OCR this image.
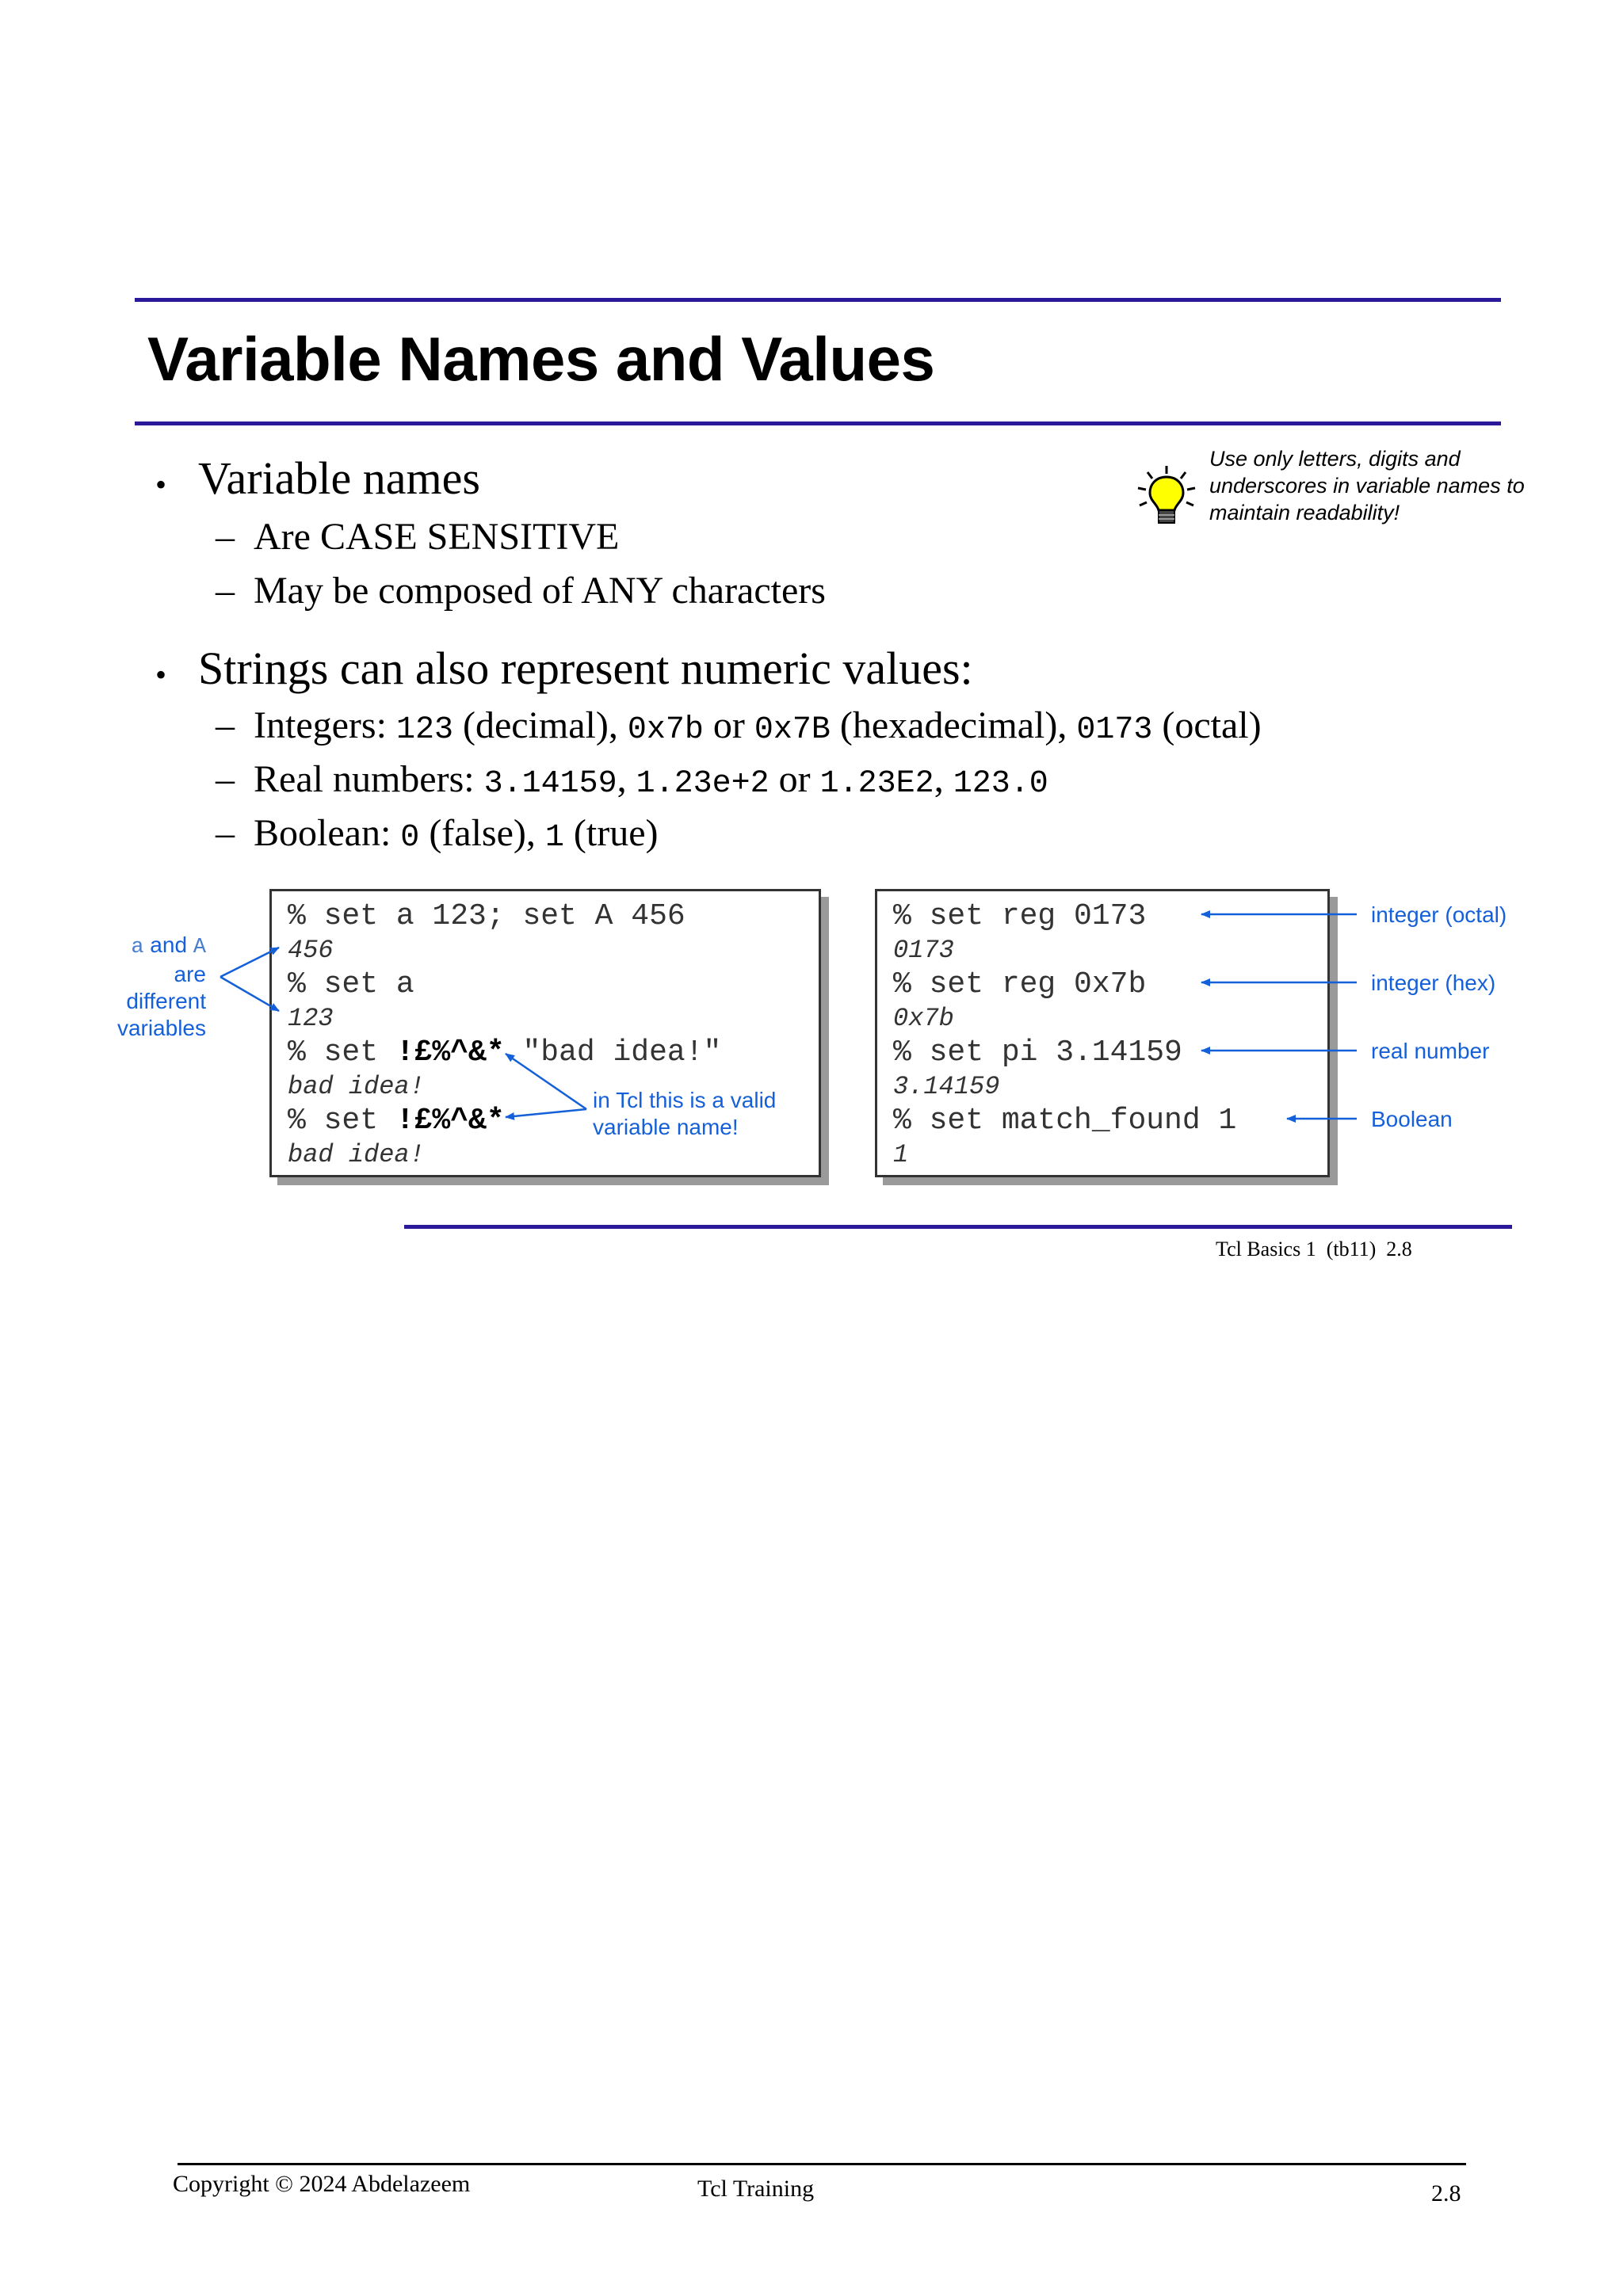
Variable Names and Values
• Variable names
–  Are CASE SENSITIVE
–  May be composed of ANY characters
Use only letters, digits and underscores in variable names to maintain readability!
• Strings can also represent numeric values:
–  Integers: 123 (decimal), 0x7b or 0x7B (hexadecimal), 0173 (octal)
–  Real numbers: 3.14159, 1.23e+2 or 1.23E2, 123.0
–  Boolean: 0 (false), 1 (true)
% set a 123; set A 456
456
% set a
123
% set !£%^&* "bad idea!"
bad idea!
% set !£%^&*
bad idea!
% set reg 0173
0173
% set reg 0x7b
0x7b
% set pi 3.14159
3.14159
% set match_found 1
1
a and A
are
different
variables
in Tcl this is a valid
variable name!
integer (octal)
integer (hex)
real number
Boolean
Tcl Basics 1  (tb11)  2.8
Copyright © 2024 Abdelazeem	Tcl Training	2.8
